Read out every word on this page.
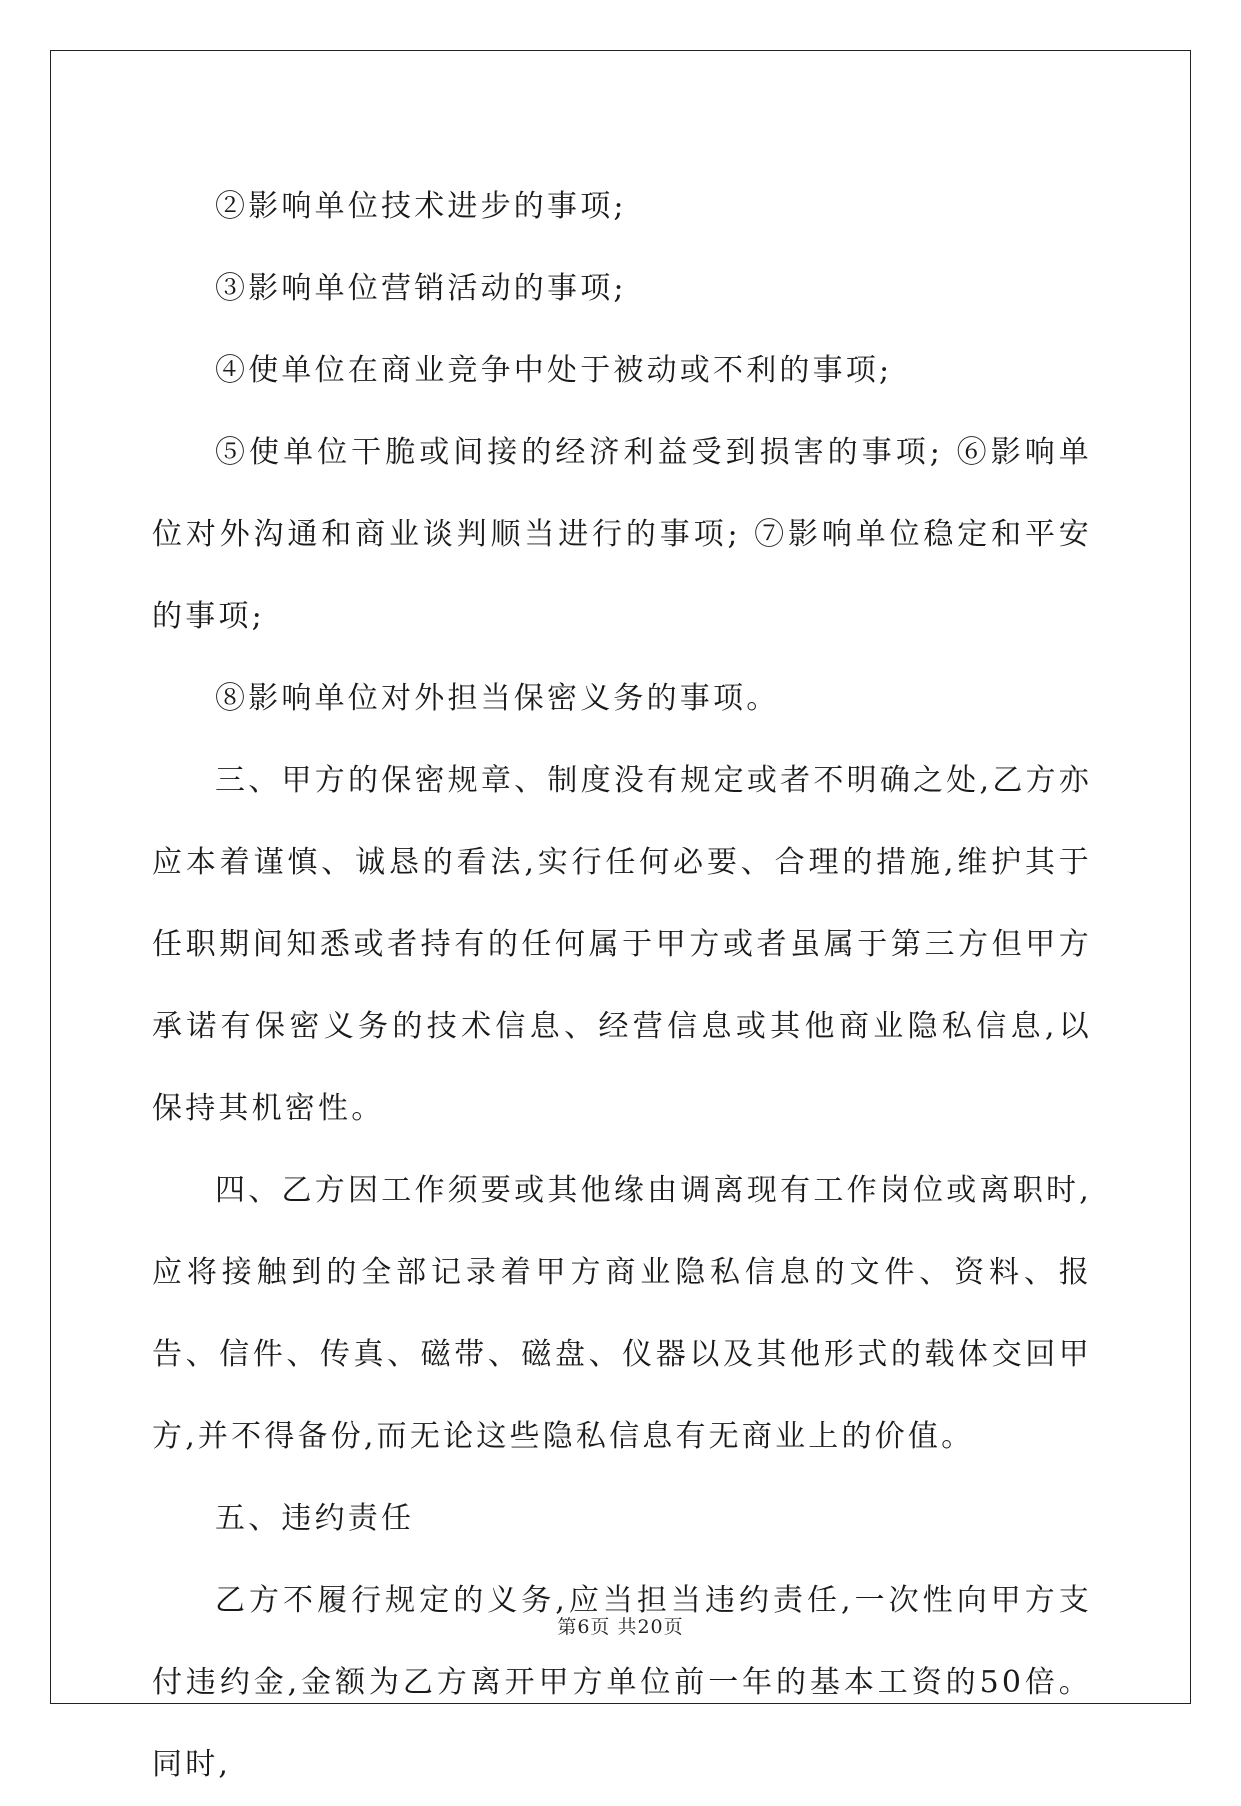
②影响单位技术进步的事项;

③影响单位营销活动的事项;

④使单位在商业竞争中处于被动或不利的事项;

⑤使单位干脆或间接的经济利益受到损害的事项; ⑥影响单位对外沟通和商业谈判顺当进行的事项; ⑦影响单位稳定和平安的事项;

⑧影响单位对外担当保密义务的事项。

三、甲方的保密规章、制度没有规定或者不明确之处,乙方亦应本着谨慎、诚恳的看法,实行任何必要、合理的措施,维护其于任职期间知悉或者持有的任何属于甲方或者虽属于第三方但甲方承诺有保密义务的技术信息、经营信息或其他商业隐私信息,以保持其机密性。

四、乙方因工作须要或其他缘由调离现有工作岗位或离职时,应将接触到的全部记录着甲方商业隐私信息的文件、资料、报告、信件、传真、磁带、磁盘、仪器以及其他形式的载体交回甲方,并不得备份,而无论这些隐私信息有无商业上的价值。

五、违约责任

乙方不履行规定的义务,应当担当违约责任,一次性向甲方支付违约金,金额为乙方离开甲方单位前一年的基本工资的50倍。同时,

第6页 共20页
